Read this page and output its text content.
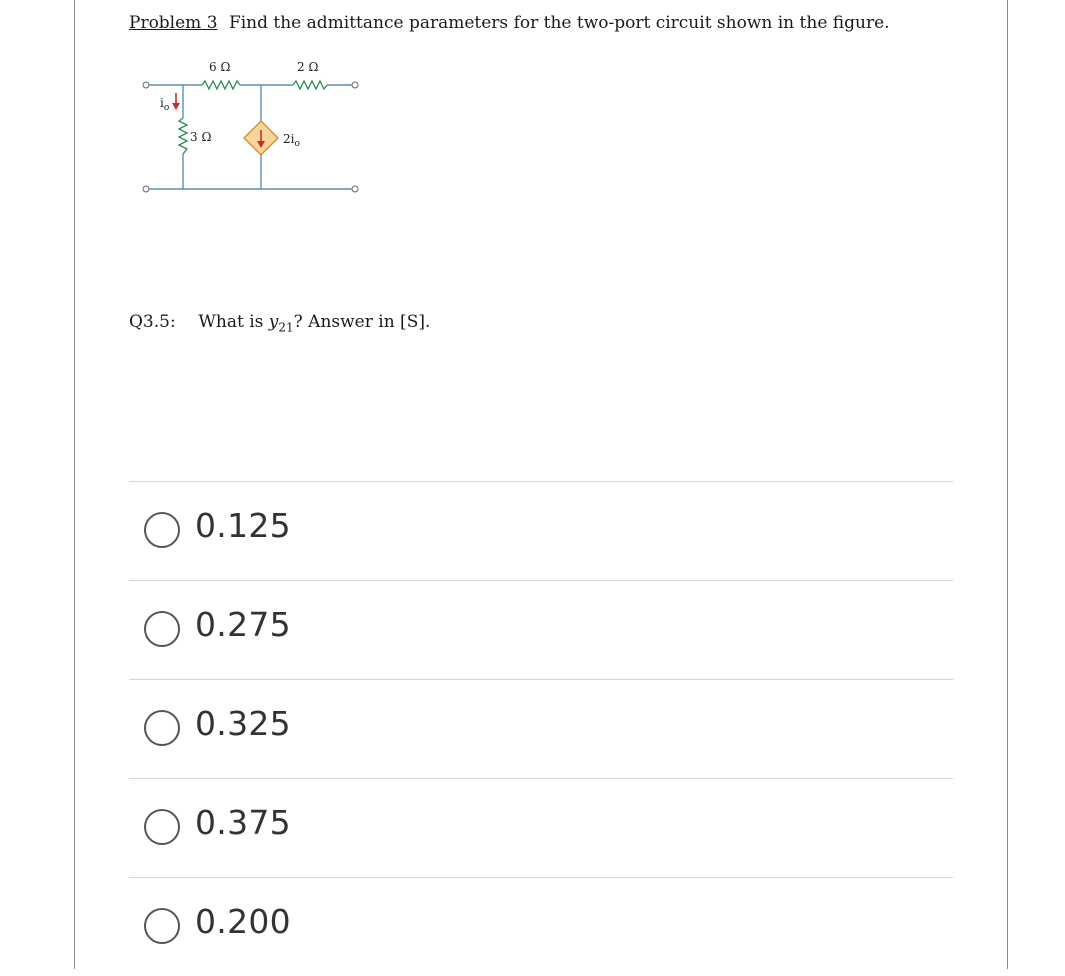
Problem 3 Find the admittance parameters for the two-port circuit shown in the figure.
6 Ω	2 Ω
3 Ω
$i_o$
$2i_o$
Q3.5: What is $y_{21}$? Answer in [S].
0.125
0.275
0.325
0.375
0.200
